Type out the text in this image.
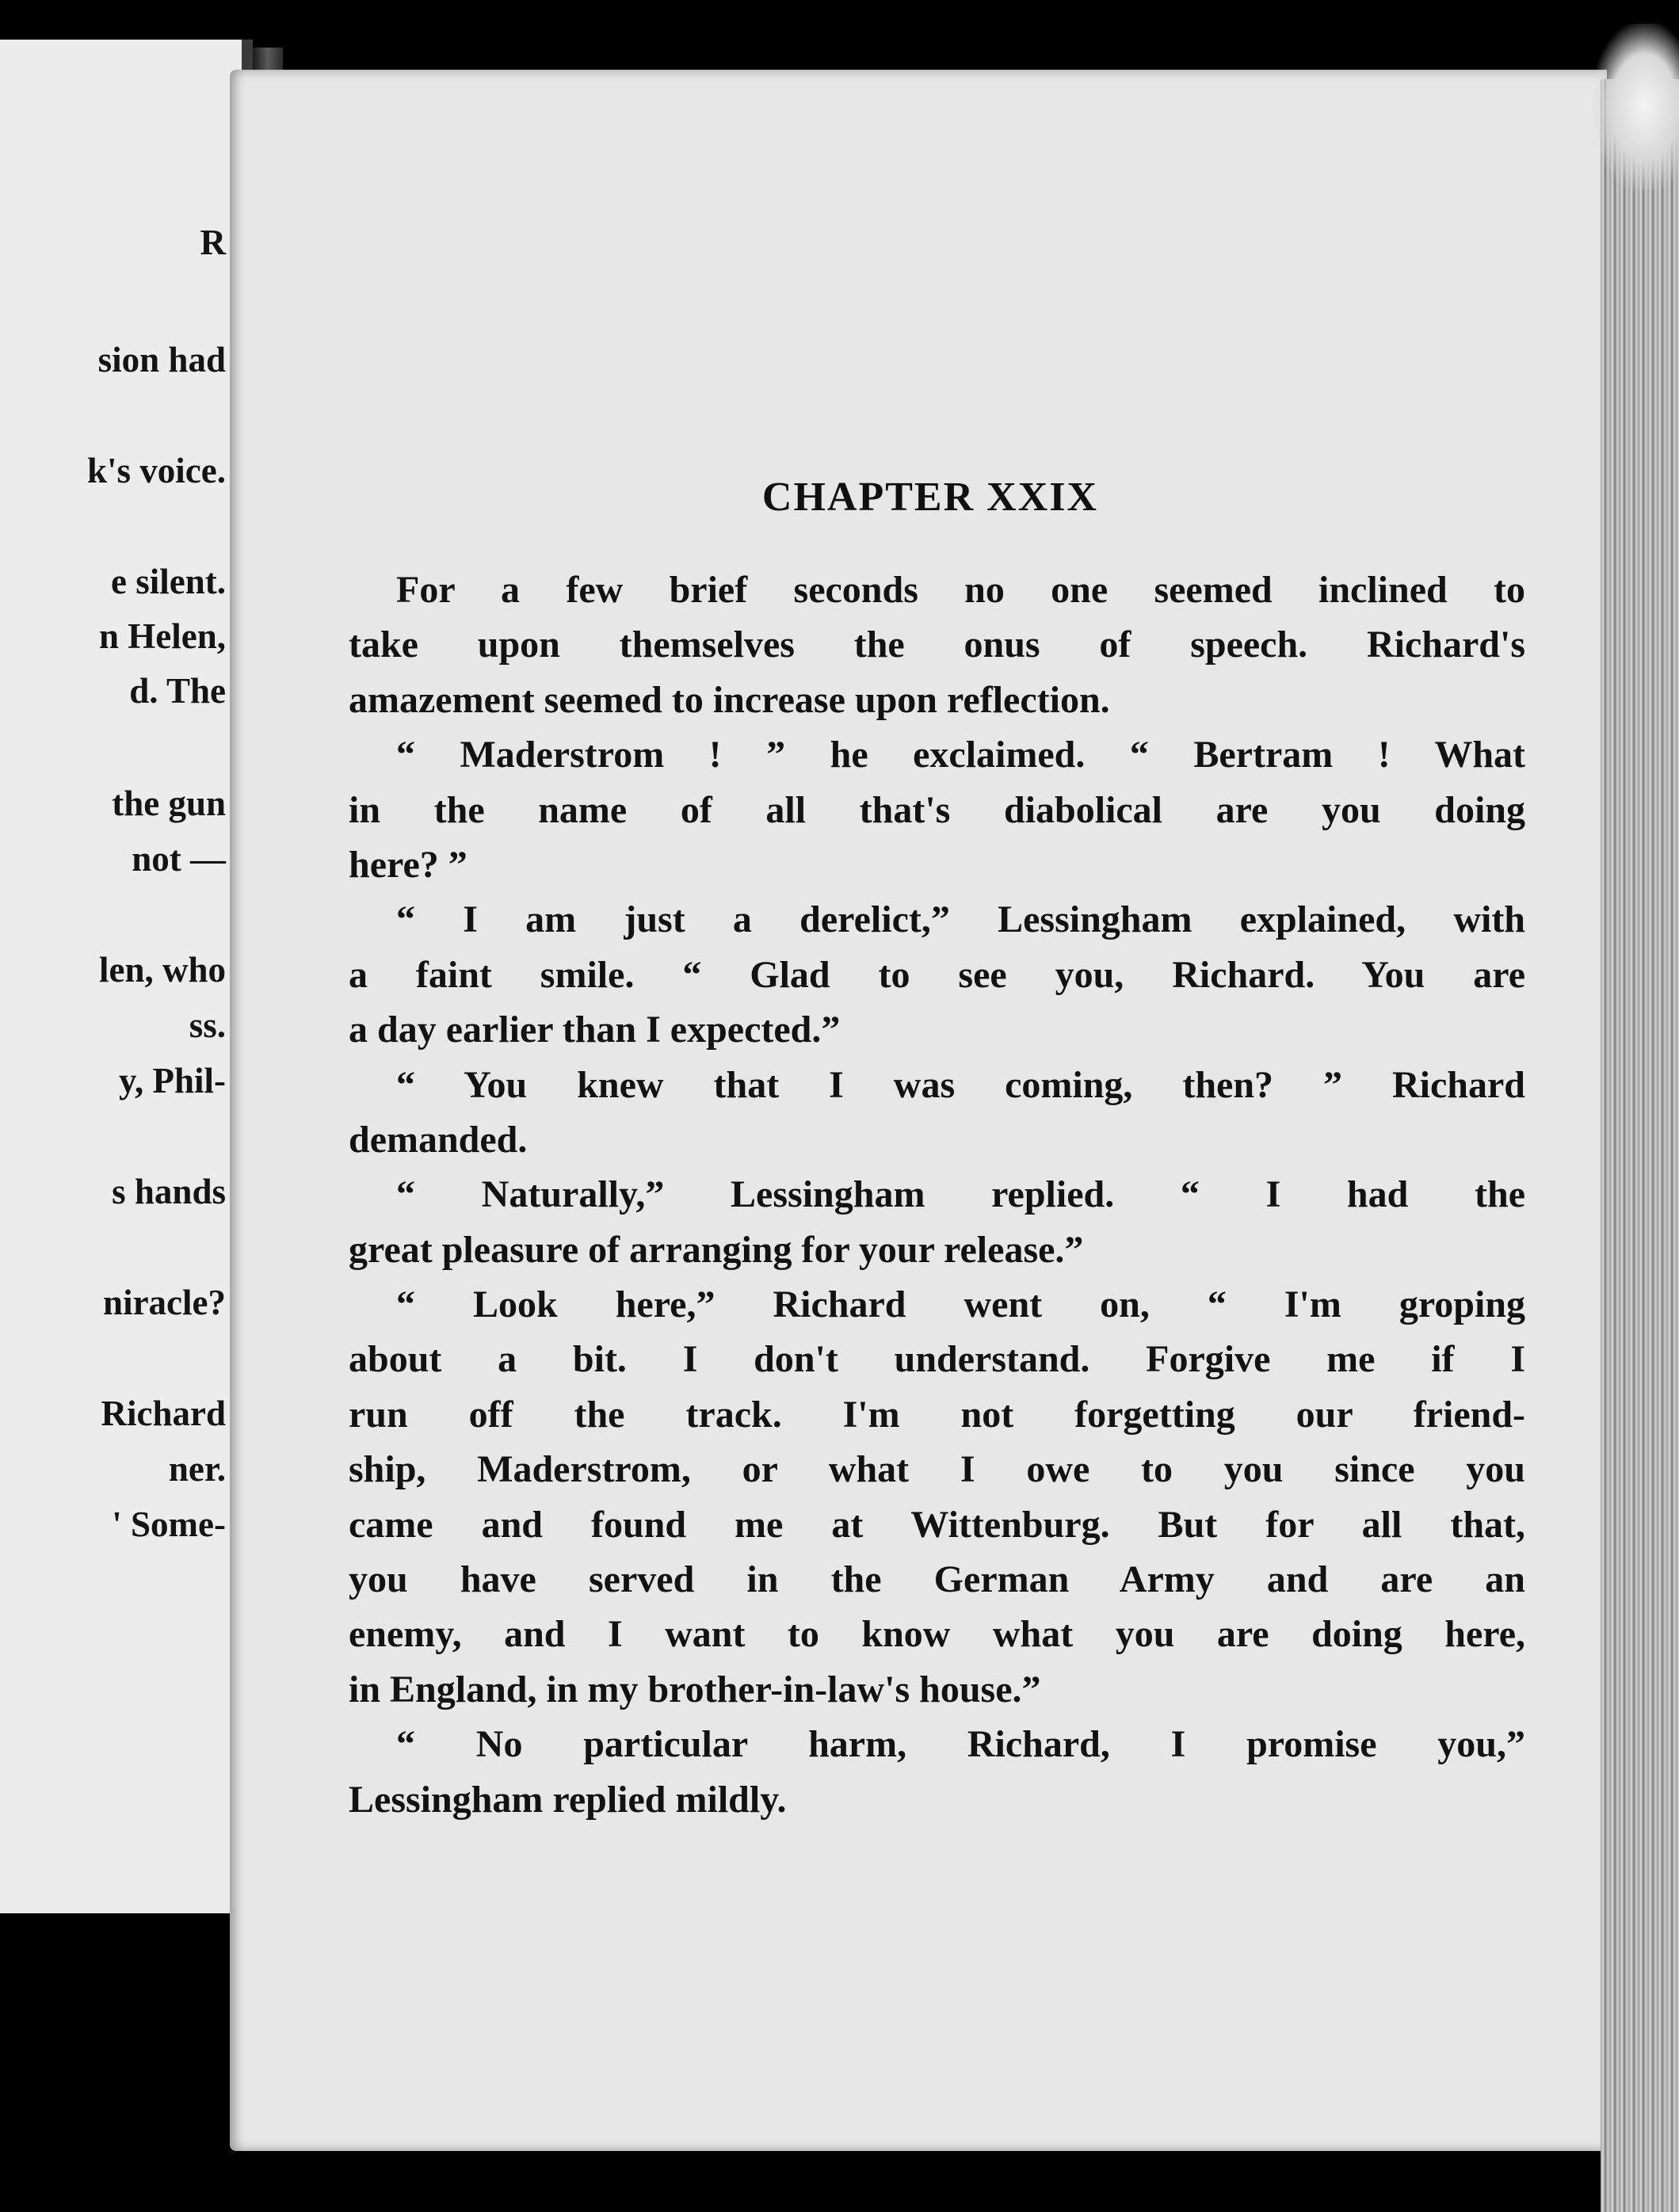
R
sion had
k's voice.
e silent.
n Helen,
d. The
the gun
not —
len, who
ss.
y, Phil-
s hands
niracle?
Richard
ner.
' Some-
CHAPTER XXIX
For a few brief seconds no one seemed inclined to
take upon themselves the onus of speech. Richard's
amazement seemed to increase upon reflection.
“ Maderstrom ! ” he exclaimed. “ Bertram ! What
in the name of all that's diabolical are you doing
here? ”
“ I am just a derelict,” Lessingham explained, with
a faint smile. “ Glad to see you, Richard. You are
a day earlier than I expected.”
“ You knew that I was coming, then? ” Richard
demanded.
“ Naturally,” Lessingham replied. “ I had the
great pleasure of arranging for your release.”
“ Look here,” Richard went on, “ I'm groping
about a bit. I don't understand. Forgive me if I
run off the track. I'm not forgetting our friend-
ship, Maderstrom, or what I owe to you since you
came and found me at Wittenburg. But for all that,
you have served in the German Army and are an
enemy, and I want to know what you are doing here,
in England, in my brother-in-law's house.”
“ No particular harm, Richard, I promise you,”
Lessingham replied mildly.
